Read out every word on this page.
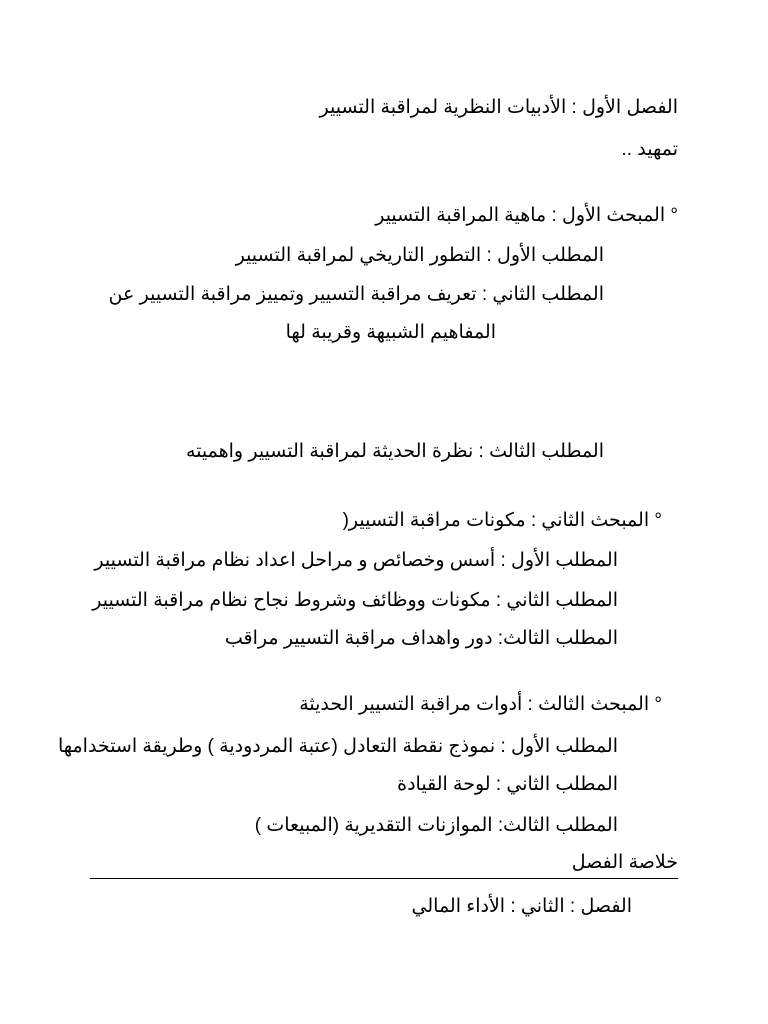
الفصل الأول : الأدبيات النظرية لمراقبة التسيير
تمهيد ..
° المبحث الأول : ماهية المراقبة التسيير
المطلب الأول : التطور التاريخي لمراقبة التسيير
المطلب الثاني : تعريف مراقبة التسيير وتمييز مراقبة التسيير عن
المفاهيم الشبيهة وقريبة لها
المطلب الثالث : نظرة الحديثة لمراقبة التسيير واهميته
° المبحث الثاني : مكونات مراقبة التسيير(
المطلب الأول : أسس وخصائص و مراحل اعداد نظام مراقبة التسيير
المطلب الثاني : مكونات ووظائف وشروط نجاح نظام مراقبة التسيير
المطلب الثالث: دور واهداف مراقبة التسيير مراقب
° المبحث الثالث : أدوات مراقبة التسيير الحديثة
المطلب الأول : نموذج نقطة التعادل (عتبة المردودية ) وطريقة استخدامها
المطلب الثاني : لوحة القيادة
المطلب الثالث: الموازنات التقديرية (المبيعات )
خلاصة الفصل
الفصل : الثاني : الأداء المالي
